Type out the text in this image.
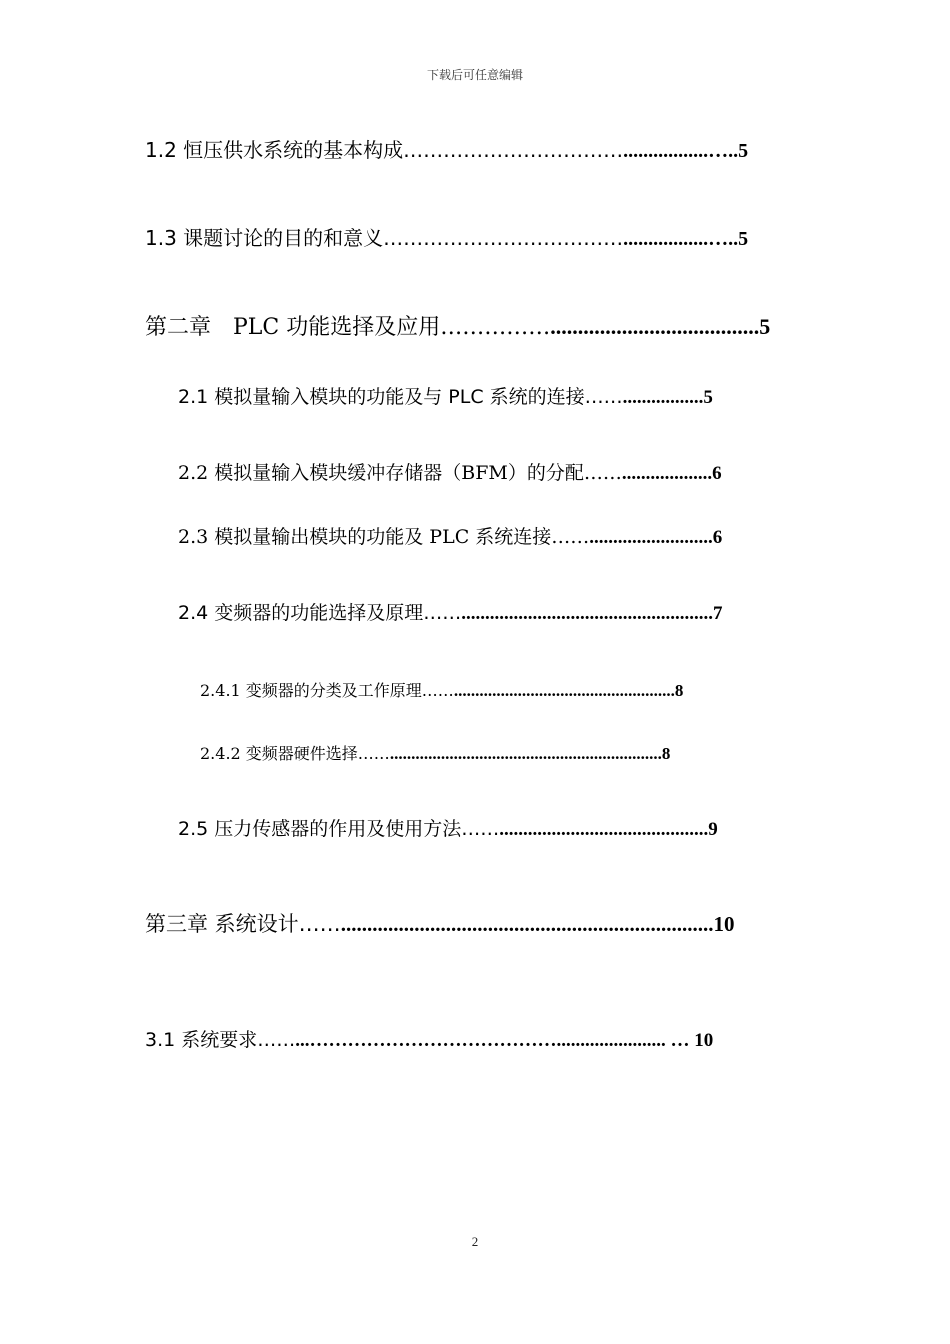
下载后可任意编辑
1.2 恒压供水系统的基本构成…………………………….................…..5
1.3 课题讨论的目的和意义……………………………….................…..5
第二章　PLC 功能选择及应用……………......................................5
2.1 模拟量输入模块的功能及与 PLC 系统的连接…….................5
2.2 模拟量输入模块缓冲存储器（BFM）的分配……...................6
2.3 模拟量输出模块的功能及 PLC 系统连接……..........................6
2.4 变频器的功能选择及原理…….....................................................7
2.4.1 变频器的分类及工作原理……....................................................8
2.4.2 变频器硬件选择……................................................................8
2.5 压力传感器的作用及使用方法……............................................9
第三章 系统设计…….......................................................................10
3.1 系统要求……...…………………………………....................... … 10
2
